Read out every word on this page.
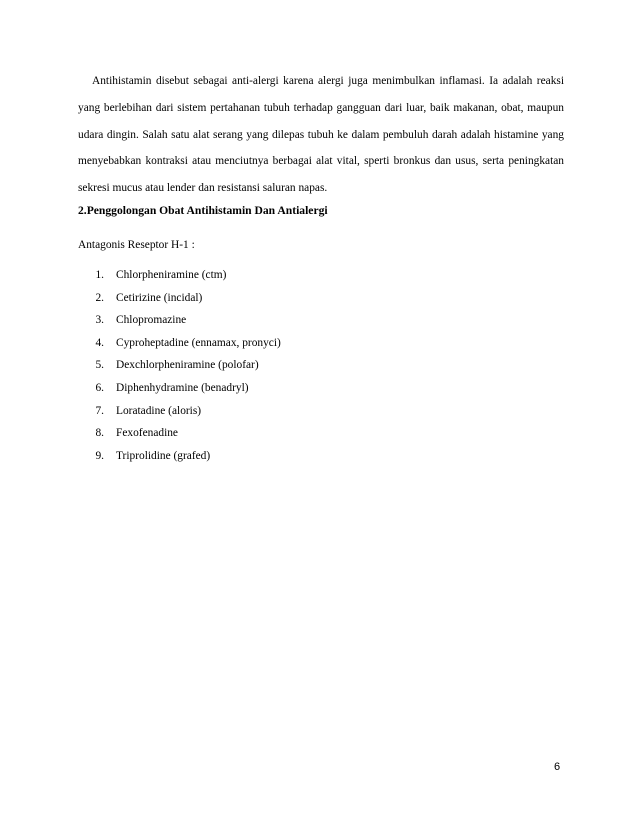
Antihistamin disebut sebagai anti-alergi karena alergi juga menimbulkan inflamasi. Ia adalah reaksi yang berlebihan dari sistem pertahanan tubuh terhadap gangguan dari luar, baik makanan, obat, maupun udara dingin. Salah satu alat serang yang dilepas tubuh ke dalam pembuluh darah adalah histamine yang menyebabkan kontraksi atau menciutnya berbagai alat vital, sperti bronkus dan usus, serta peningkatan sekresi mucus atau lender dan resistansi saluran napas.

2.Penggolongan Obat Antihistamin Dan Antialergi

Antagonis Reseptor H-1 :

1. Chlorpheniramine (ctm)
2. Cetirizine (incidal)
3. Chlopromazine
4. Cyproheptadine (ennamax, pronyci)
5. Dexchlorpheniramine (polofar)
6. Diphenhydramine (benadryl)
7. Loratadine (aloris)
8. Fexofenadine
9. Triprolidine (grafed)

6
